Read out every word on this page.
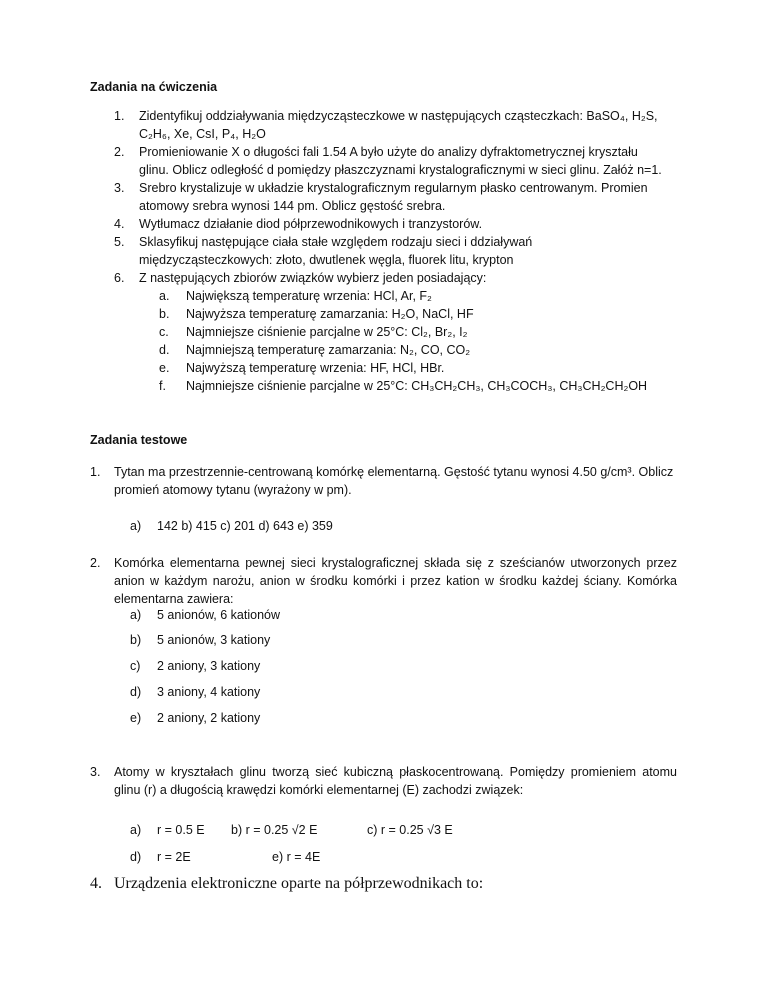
Zadania na ćwiczenia
1. Zidentyfikuj oddziaływania międzycząsteczkowe w następujących cząsteczkach: BaSO₄, H₂S,
C₂H₆, Xe, CsI, P₄, H₂O
2. Promieniowanie X o długości fali 1.54 A było użyte do analizy dyfraktometrycznej kryształu
glinu. Oblicz odległość d pomiędzy płaszczyznami krystalograficznymi w sieci glinu. Załóż n=1.
3. Srebro krystalizuje w układzie krystalograficznym regularnym płasko centrowanym. Promien
atomowy srebra wynosi 144 pm. Oblicz gęstość srebra.
4. Wytłumacz działanie diod półprzewodnikowych i tranzystorów.
5. Sklasyfikuj następujące ciała stałe względem rodzaju sieci i ddziaływań
międzycząsteczkowych: złoto, dwutlenek węgla, fluorek litu, krypton
6. Z następujących zbiorów związków wybierz jeden posiadający:
a. Największą temperaturę wrzenia: HCl, Ar, F₂
b. Najwyższa temperaturę zamarzania: H₂O, NaCl, HF
c. Najmniejsze ciśnienie parcjalne w 25°C: Cl₂, Br₂, I₂
d. Najmniejszą temperaturę zamarzania: N₂, CO, CO₂
e. Najwyższą temperaturę wrzenia: HF, HCl, HBr.
f. Najmniejsze ciśnienie parcjalne w 25°C: CH₃CH₂CH₃, CH₃COCH₃, CH₃CH₂CH₂OH
Zadania testowe
1. Tytan ma przestrzennie-centrowaną komórkę elementarną. Gęstość tytanu wynosi 4.50 g/cm³. Oblicz
promień atomowy tytanu (wyrażony w pm).
a) 142 b) 415 c) 201 d) 643 e) 359
2. Komórka elementarna pewnej sieci krystalograficznej składa się z sześcianów utworzonych przez anion w każdym narożu, anion w środku komórki i przez kation w środku każdej ściany. Komórka elementarna zawiera:
a) 5 anionów, 6 kationów
b) 5 anionów, 3 kationy
c) 2 aniony, 3 kationy
d) 3 aniony, 4 kationy
e) 2 aniony, 2 kationy
3. Atomy w kryształach glinu tworzą sieć kubiczną płaskocentrowaną. Pomiędzy promieniem atomu glinu (r) a długością krawędzi komórki elementarnej (E) zachodzi związek:
a) r = 0.5 E b) r = 0.25 √2 E	c) r = 0.25 √3 E
d) r = 2E	e) r = 4E
4. Urządzenia elektroniczne oparte na półprzewodnikach to:
